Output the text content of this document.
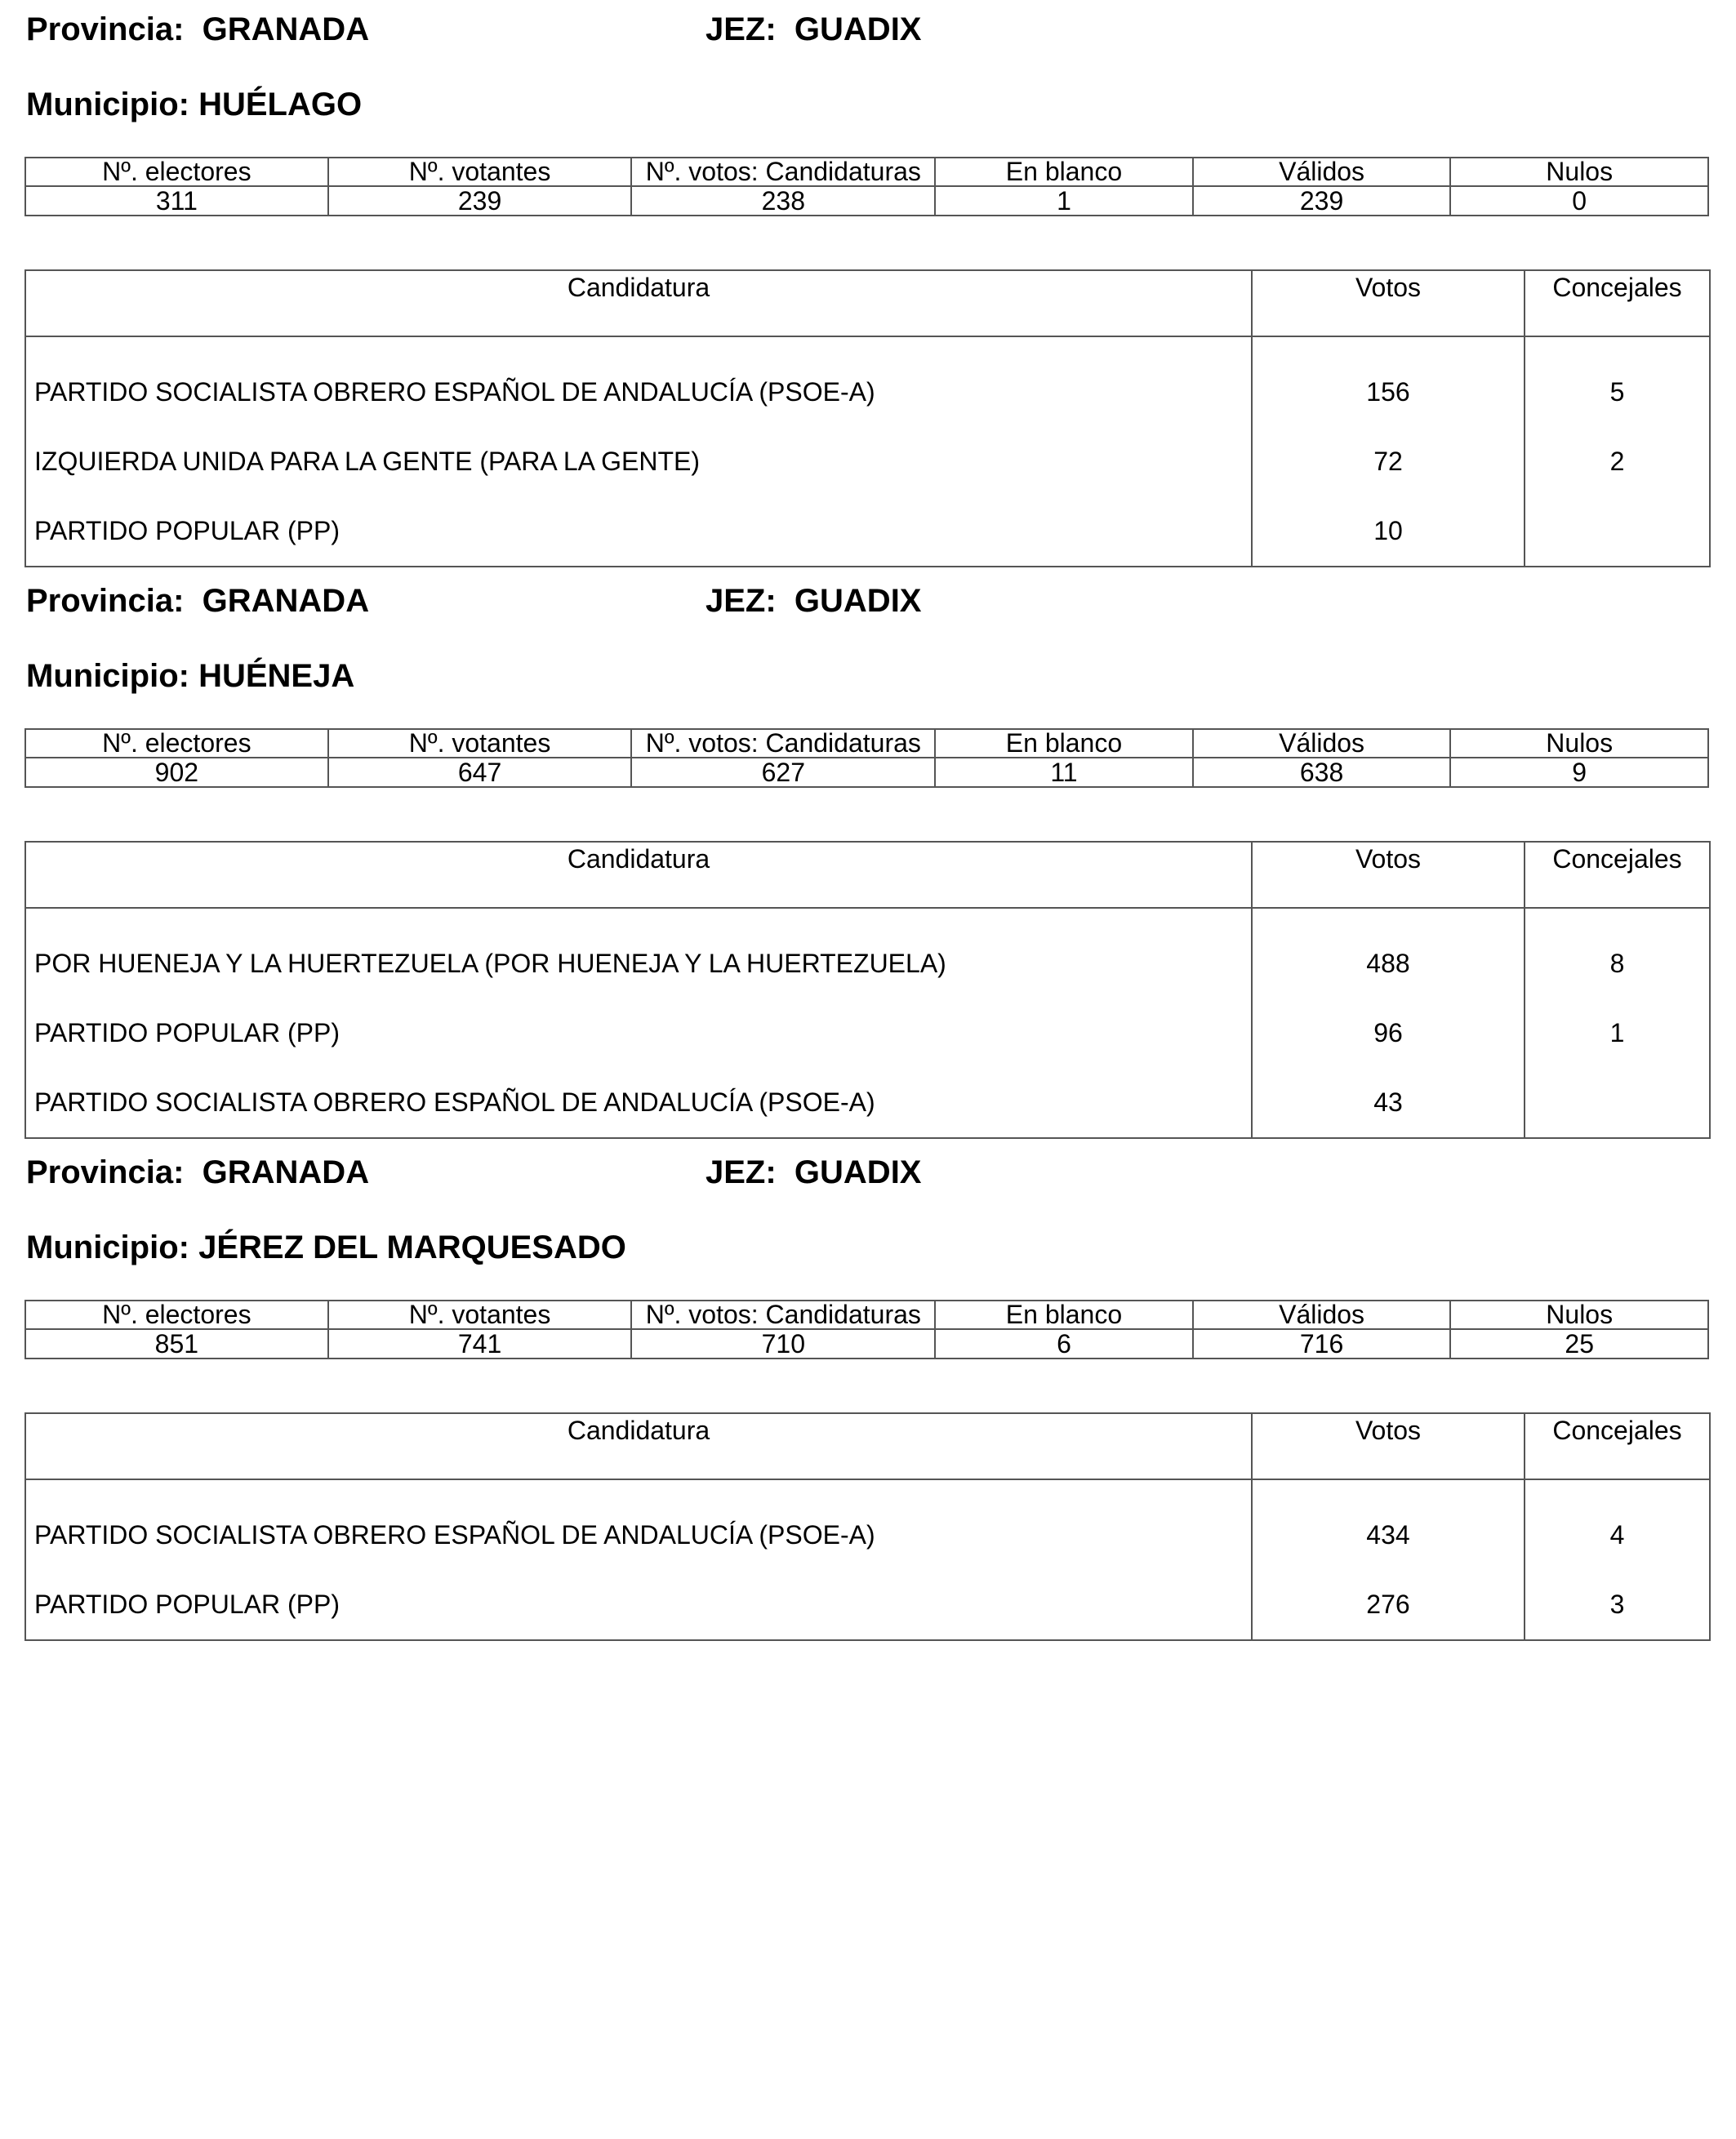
Provincia: GRANADA	JEZ: GUADIX
Municipio: HUÉLAGO
Nº. electores	Nº. votantes	Nº. votos: Candidaturas	En blanco	Válidos	Nulos
311	239	238	1	239	0
Candidatura	Votos	Concejales
PARTIDO SOCIALISTA OBRERO ESPAÑOL DE ANDALUCÍA (PSOE-A)	156	5
IZQUIERDA UNIDA PARA LA GENTE (PARA LA GENTE)	72	2
PARTIDO POPULAR (PP)	10	
Provincia: GRANADA	JEZ: GUADIX
Municipio: HUÉNEJA
Nº. electores	Nº. votantes	Nº. votos: Candidaturas	En blanco	Válidos	Nulos
902	647	627	11	638	9
Candidatura	Votos	Concejales
POR HUENEJA Y LA HUERTEZUELA (POR HUENEJA Y LA HUERTEZUELA)	488	8
PARTIDO POPULAR (PP)	96	1
PARTIDO SOCIALISTA OBRERO ESPAÑOL DE ANDALUCÍA (PSOE-A)	43	
Provincia: GRANADA	JEZ: GUADIX
Municipio: JÉREZ DEL MARQUESADO
Nº. electores	Nº. votantes	Nº. votos: Candidaturas	En blanco	Válidos	Nulos
851	741	710	6	716	25
Candidatura	Votos	Concejales
PARTIDO SOCIALISTA OBRERO ESPAÑOL DE ANDALUCÍA (PSOE-A)	434	4
PARTIDO POPULAR (PP)	276	3
